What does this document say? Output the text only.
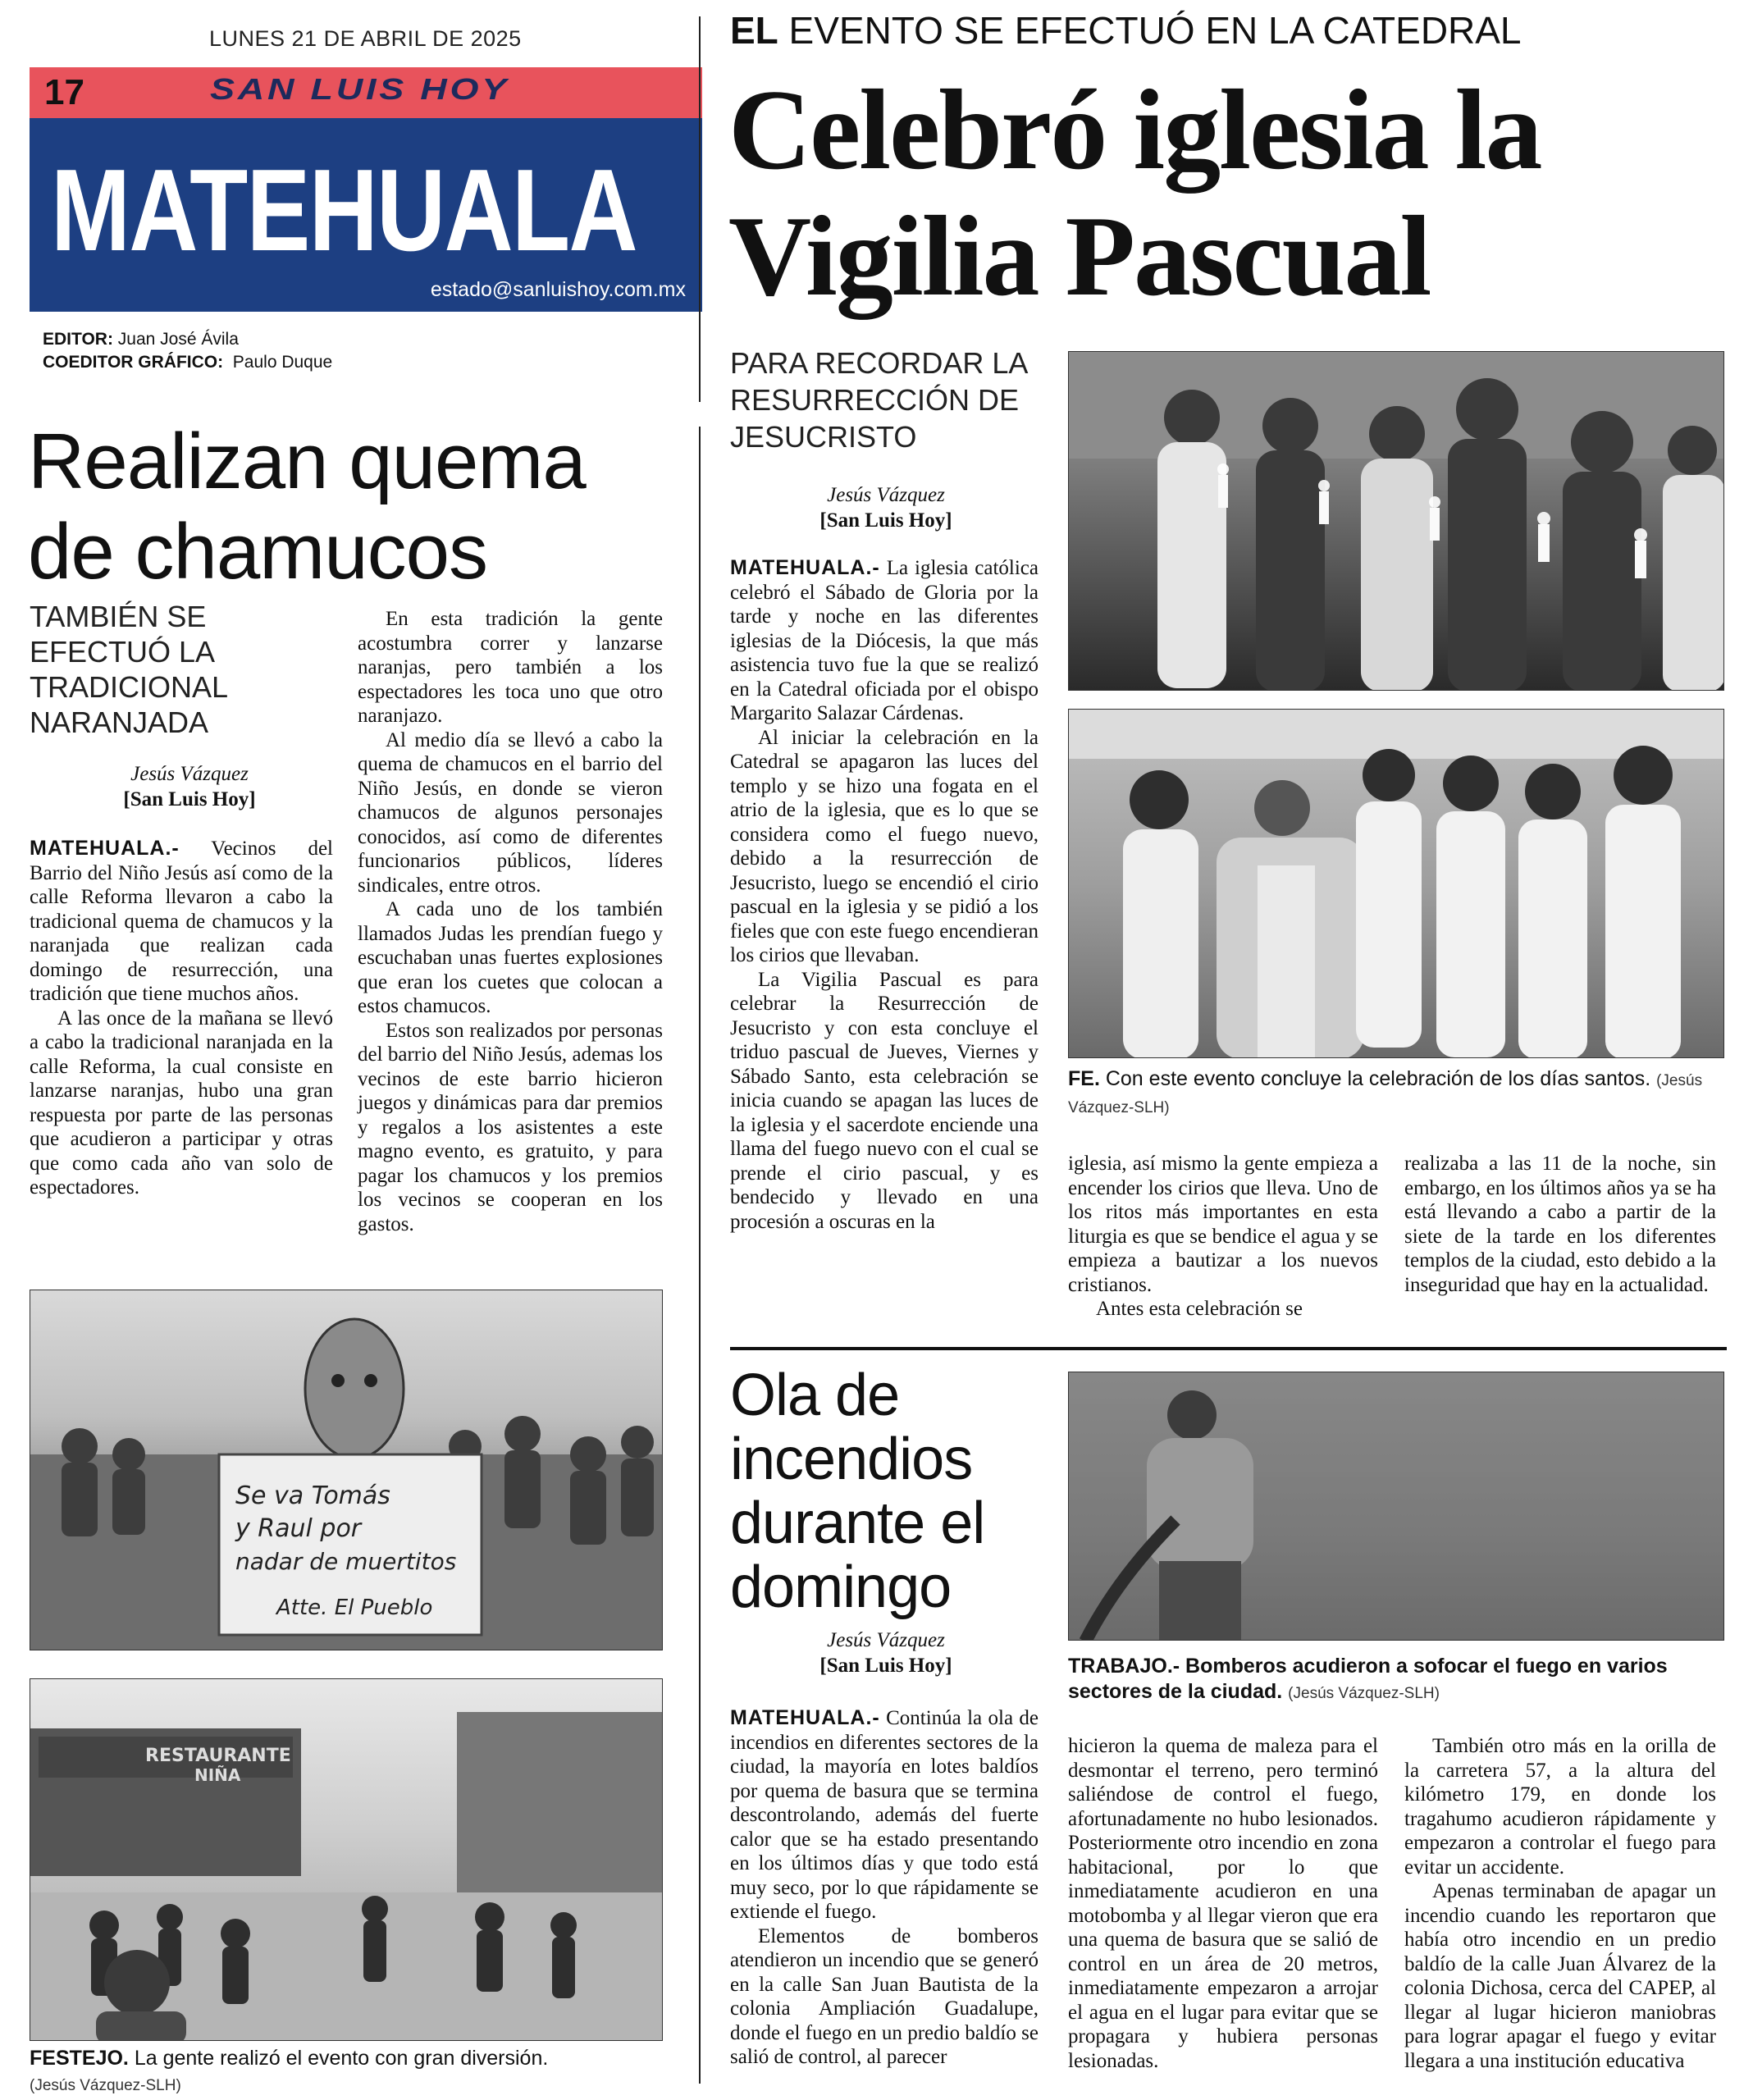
LUNES 21 DE ABRIL DE 2025
17	SAN LUIS HOY
MATEHUALA
estado@sanluishoy.com.mx
EDITOR: Juan José Ávila
COEDITOR GRÁFICO: Paulo Duque
Realizan quema de chamucos
TAMBIÉN SE EFECTUÓ LA TRADICIONAL NARANJADA
Jesús Vázquez
[San Luis Hoy]

MATEHUALA.- Vecinos del Barrio del Niño Jesús así como de la calle Reforma llevaron a cabo la tradicional quema de chamucos y la naranjada que realizan cada domingo de resurrección, una tradición que tiene muchos años.

A las once de la mañana se llevó a cabo la tradicional naranjada en la calle Reforma, la cual consiste en lanzarse naranjas, hubo una gran respuesta por parte de las personas que acudieron a participar y otras que como cada año van solo de espectadores.

En esta tradición la gente acostumbra correr y lanzarse naranjas, pero también a los espectadores les toca uno que otro naranjazo.

Al medio día se llevó a cabo la quema de chamucos en el barrio del Niño Jesús, en donde se vieron chamucos de algunos personajes conocidos, así como de diferentes funcionarios públicos, líderes sindicales, entre otros.

A cada uno de los también llamados Judas les prendían fuego y escuchaban unas fuertes explosiones que eran los cuetes que colocan a estos chamucos.

Estos son realizados por personas del barrio del Niño Jesús, ademas los vecinos de este barrio hicieron juegos y dinámicas para dar premios y regalos a los asistentes a este magno evento, es gratuito, y para pagar los chamucos y los premios los vecinos se cooperan en los gastos.

Se va Tomás
y Raul por
nadar de muertitos
Atte. El Pueblo
RESTAURANTE
NIÑA
FESTEJO. La gente realizó el evento con gran diversión.
(Jesús Vázquez-SLH)
EL EVENTO SE EFECTUÓ EN LA CATEDRAL
Celebró iglesia la Vigilia Pascual
PARA RECORDAR LA RESURRECCIÓN DE JESUCRISTO
Jesús Vázquez
[San Luis Hoy]

MATEHUALA.- La iglesia católica celebró el Sábado de Gloria por la tarde y noche en las diferentes iglesias de la Diócesis, la que más asistencia tuvo fue la que se realizó en la Catedral oficiada por el obispo Margarito Salazar Cárdenas.

Al iniciar la celebración en la Catedral se apagaron las luces del templo y se hizo una fogata en el atrio de la iglesia, que es lo que se considera como el fuego nuevo, debido a la resurrección de Jesucristo, luego se encendió el cirio pascual en la iglesia y se pidió a los fieles que con este fuego encendieran los cirios que llevaban.

La Vigilia Pascual es para celebrar la Resurrección de Jesucristo y con esta concluye el triduo pascual de Jueves, Viernes y Sábado Santo, esta celebración se inicia cuando se apagan las luces de la iglesia y el sacerdote enciende una llama del fuego nuevo con el cual se prende el cirio pascual, y es bendecido y llevado en una procesión a oscuras en la

FE. Con este evento concluye la celebración de los días santos. (Jesús Vázquez-SLH)

iglesia, así mismo la gente empieza a encender los cirios que lleva. Uno de los ritos más importantes en esta liturgia es que se bendice el agua y se empieza a bautizar a los nuevos cristianos.

Antes esta celebración se

realizaba a las 11 de la noche, sin embargo, en los últimos años ya se ha está llevando a cabo a partir de la siete de la tarde en los diferentes templos de la ciudad, esto debido a la inseguridad que hay en la actualidad.

Ola de incendios durante el domingo
Jesús Vázquez
[San Luis Hoy]	TRABAJO.- Bomberos acudieron a sofocar el fuego en varios sectores de la ciudad. (Jesús Vázquez-SLH)

MATEHUALA.- Continúa la ola de incendios en diferentes sectores de la ciudad, la mayoría en lotes baldíos por quema de basura que se termina descontrolando, además del fuerte calor que se ha estado presentando en los últimos días y que todo está muy seco, por lo que rápidamente se extiende el fuego.

Elementos de bomberos atendieron un incendio que se generó en la calle San Juan Bautista de la colonia Ampliación Guadalupe, donde el fuego en un predio baldío se salió de control, al parecer

hicieron la quema de maleza para el desmontar el terreno, pero terminó saliéndose de control el fuego, afortunadamente no hubo lesionados. Posteriormente otro incendio en zona habitacional, por lo que inmediatamente acudieron en una motobomba y al llegar vieron que era una quema de basura que se salió de control en un área de 20 metros, inmediatamente empezaron a arrojar el agua en el lugar para evitar que se propagara y hubiera personas lesionadas.

También otro más en la orilla de la carretera 57, a la altura del kilómetro 179, en donde los tragahumo acudieron rápidamente y empezaron a controlar el fuego para evitar un accidente.

Apenas terminaban de apagar un incendio cuando les reportaron que había otro incendio en un predio baldío de la calle Juan Álvarez de la colonia Dichosa, cerca del CAPEP, al llegar al lugar hicieron maniobras para lograr apagar el fuego y evitar llegara a una institución educativa
